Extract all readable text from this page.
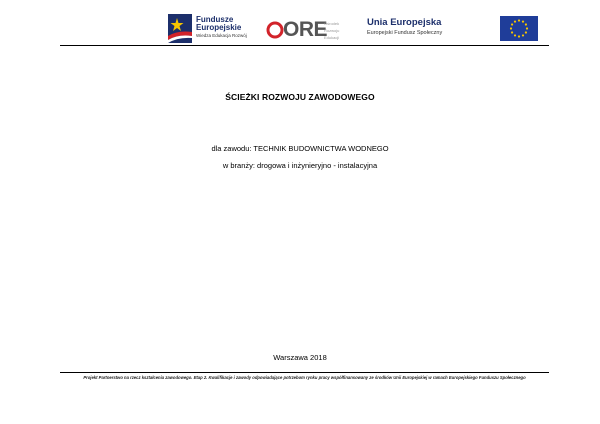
Fundusze
Europejskie
Wiedza Edukacja Rozwój ORE
Ośrodek
Rozwoju
Edukacji
Unia Europejska
Europejski Fundusz Społeczny
ŚCIEŻKI ROZWOJU ZAWODOWEGO
dla zawodu: TECHNIK BUDOWNICTWA WODNEGO
w branży: drogowa i inżynieryjno - instalacyjna
Warszawa 2018
Projekt Partnerstwo na rzecz kształcenia zawodowego. Etap 2. Kwalifikacje i zawody odpowiadające potrzebom rynku pracy współfinansowany ze środków Unii Europejskiej w ramach Europejskiego Funduszu Społecznego
